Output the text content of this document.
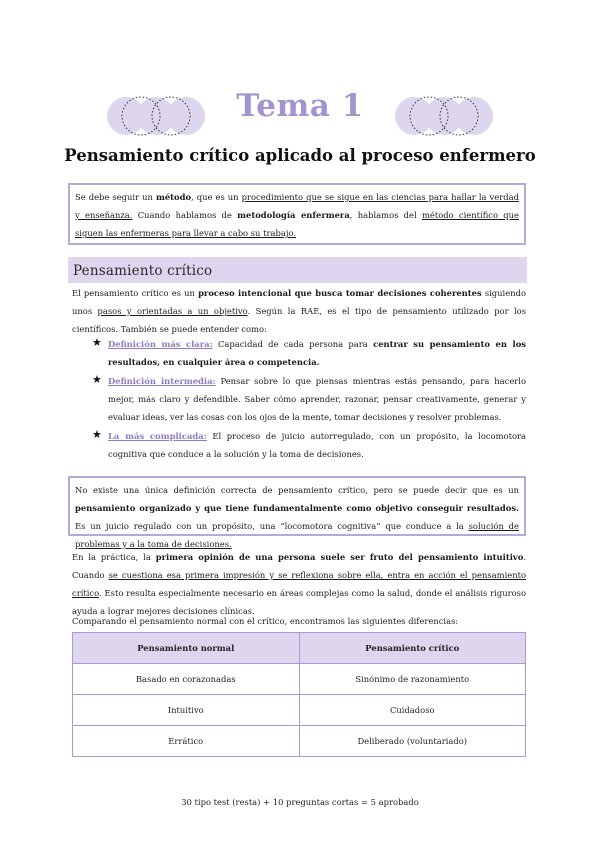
Tema 1
Pensamiento crítico aplicado al proceso enfermero
Se debe seguir un método, que es un procedimiento que se sigue en las ciencias para hallar la verdad y enseñanza. Cuando hablamos de metodología enfermera, hablamos del método científico que siguen las enfermeras para llevar a cabo su trabajo.
Pensamiento crítico
El pensamiento crítico es un proceso intencional que busca tomar decisiones coherentes siguiendo unos pasos y orientadas a un objetivo. Según la RAE, es el tipo de pensamiento utilizado por los científicos. También se puede entender como:
★ Definición más clara: Capacidad de cada persona para centrar su pensamiento en los resultados, en cualquier área o competencia.
★ Definición intermedia: Pensar sobre lo que piensas mientras estás pensando, para hacerlo mejor, más claro y defendible. Saber cómo aprender, razonar, pensar creativamente, generar y evaluar ideas, ver las cosas con los ojos de la mente, tomar decisiones y resolver problemas.
★ La más complicada: El proceso de juicio autorregulado, con un propósito, la locomotora cognitiva que conduce a la solución y la toma de decisiones.
No existe una única definición correcta de pensamiento crítico, pero se puede decir que es un pensamiento organizado y que tiene fundamentalmente como objetivo conseguir resultados. Es un juicio regulado con un propósito, una “locomotora cognitiva” que conduce a la solución de problemas y a la toma de decisiones.
En la práctica, la primera opinión de una persona suele ser fruto del pensamiento intuitivo. Cuando se cuestiona esa primera impresión y se reflexiona sobre ella, entra en acción el pensamiento crítico. Esto resulta especialmente necesario en áreas complejas como la salud, donde el análisis riguroso ayuda a lograr mejores decisiones clínicas.
Comparando el pensamiento normal con el crítico, encontramos las siguientes diferencias:
Pensamiento normal	Pensamiento crítico
Basado en corazonadas	Sinónimo de razonamiento
Intuitivo	Cuidadoso
Errático	Deliberado (voluntariado)
30 tipo test (resta) + 10 preguntas cortas = 5 aprobado
